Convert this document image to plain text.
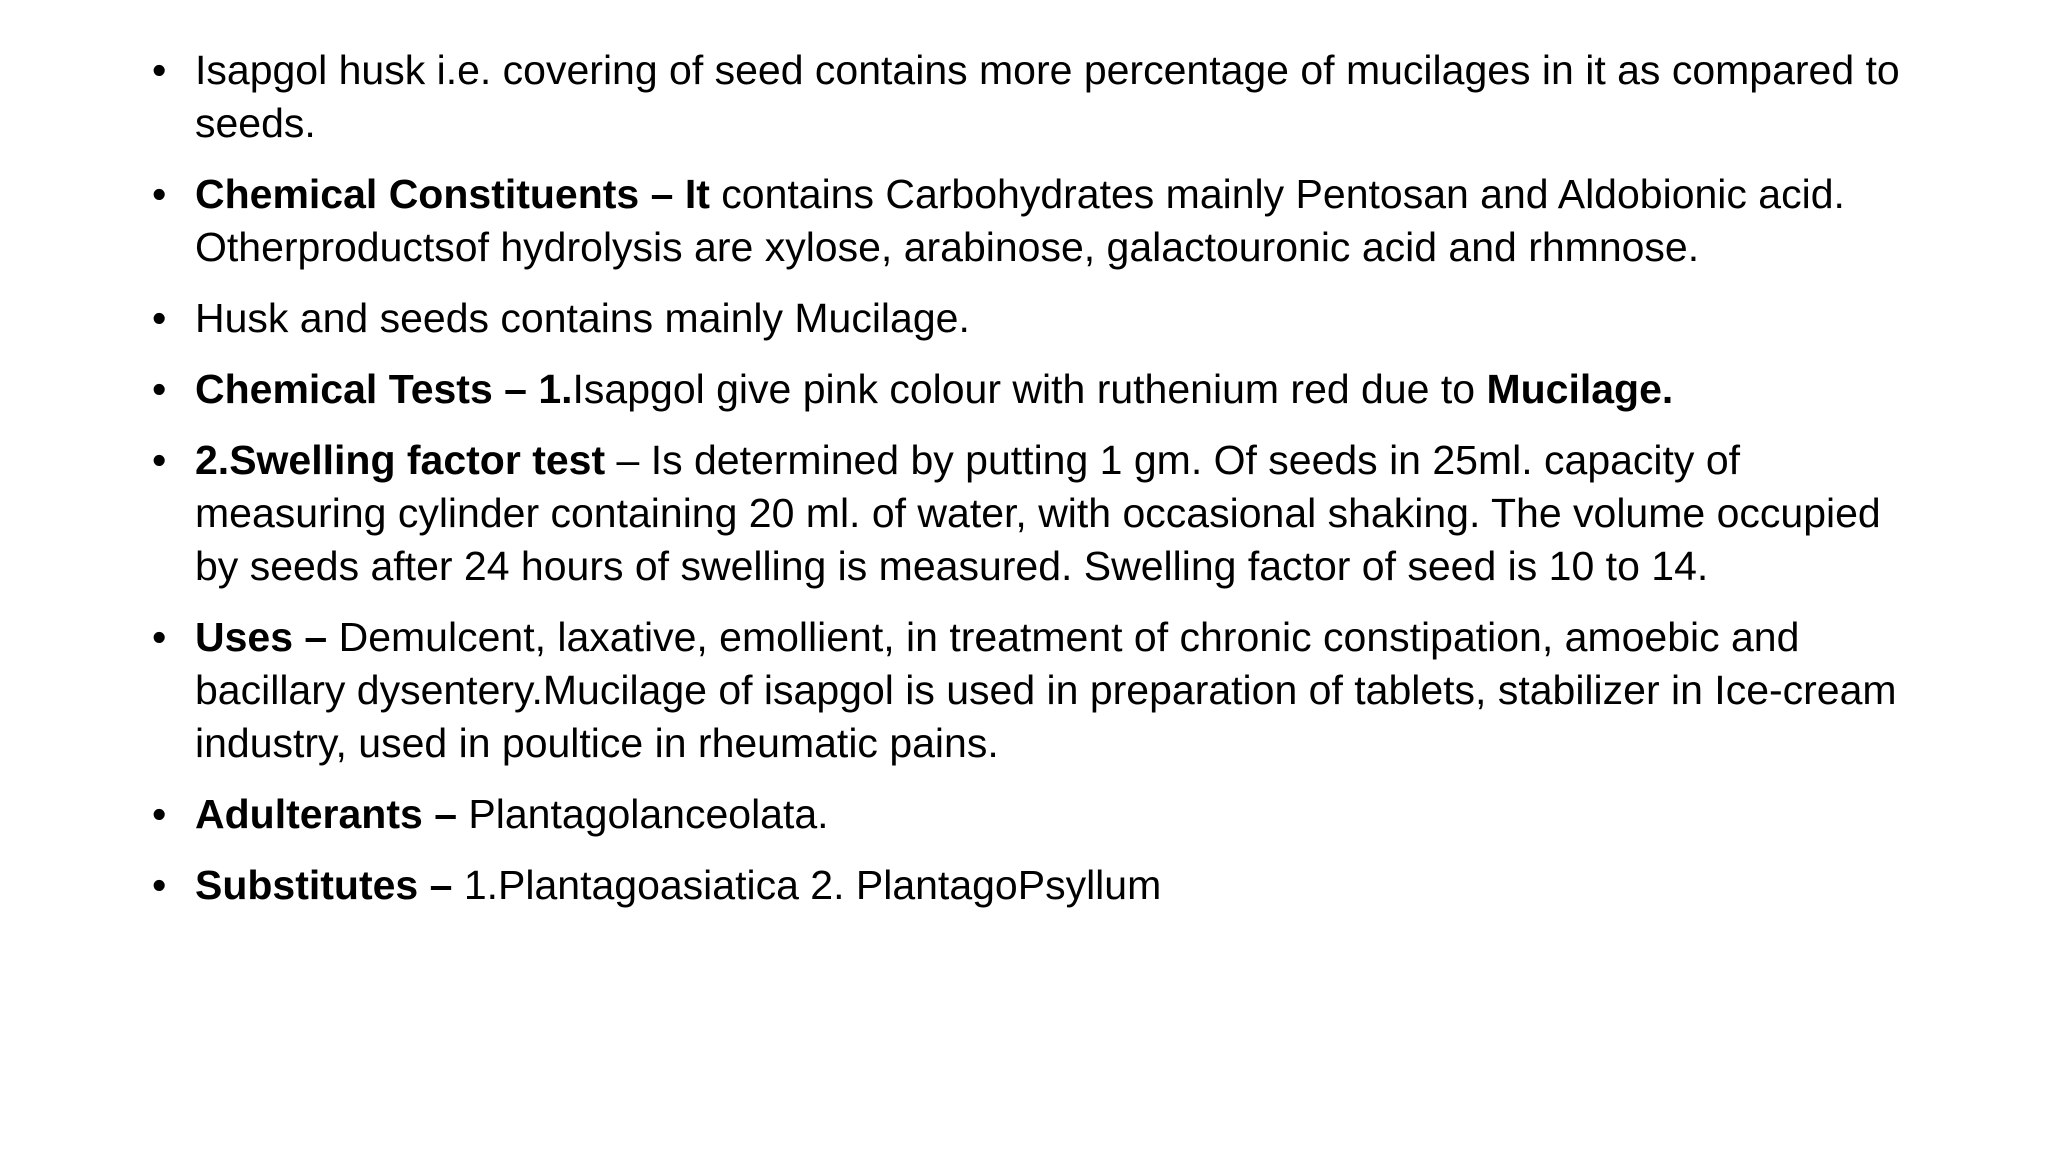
• Isapgol husk i.e. covering of seed contains more percentage of mucilages in it as compared to seeds.
• Chemical Constituents – It contains Carbohydrates mainly Pentosan and Aldobionic acid. Otherproductsof hydrolysis are xylose, arabinose, galactouronic acid and rhmnose.
• Husk and seeds contains mainly Mucilage.
• Chemical Tests – 1.Isapgol give pink colour with ruthenium red due to Mucilage.
• 2.Swelling factor test – Is determined by putting 1 gm. Of seeds in 25ml. capacity of measuring cylinder containing 20 ml. of water, with occasional shaking. The volume occupied by seeds after 24 hours of swelling is measured. Swelling factor of seed is 10 to 14.
• Uses – Demulcent, laxative, emollient, in treatment of chronic constipation, amoebic and bacillary dysentery.Mucilage of isapgol is used in preparation of tablets, stabilizer in Ice-cream industry, used in poultice in rheumatic pains.
• Adulterants – Plantagolanceolata.
• Substitutes – 1.Plantagoasiatica 2. PlantagoPsyllum
